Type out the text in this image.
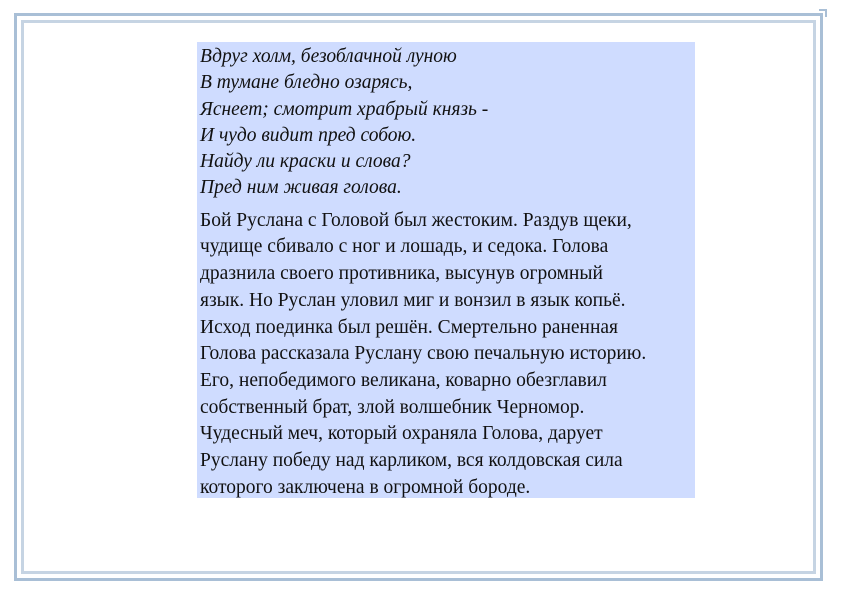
Вдруг холм, безоблачной луною
В тумане бледно озарясь,
Яснеет; смотрит храбрый князь -
И чудо видит пред собою.
Найду ли краски и слова?
Пред ним живая голова.
Бой Руслана с Головой был жестоким. Раздув щеки,
чудище сбивало с ног и лошадь, и седока. Голова
дразнила своего противника, высунув огромный
язык. Но Руслан уловил миг и вонзил в язык копьё.
Исход поединка был решён. Смертельно раненная
Голова рассказала Руслану свою печальную историю.
Его, непобедимого великана, коварно обезглавил
собственный брат, злой волшебник Черномор.
Чудесный меч, который охраняла Голова, дарует
Руслану победу над карликом, вся колдовская сила
которого заключена в огромной бороде.
